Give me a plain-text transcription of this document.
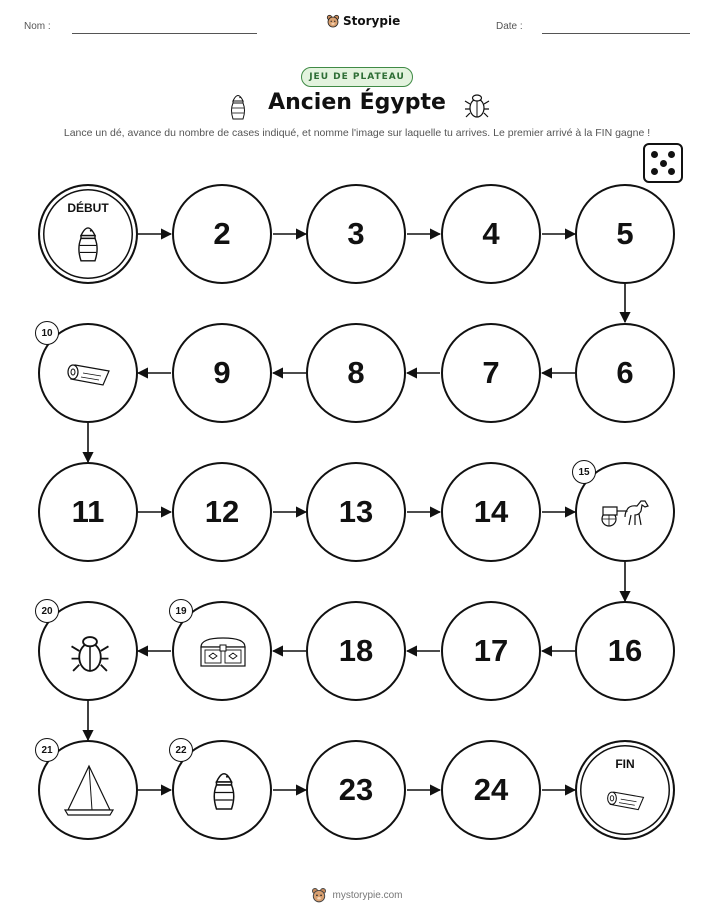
Nom :	Storypie	Date :
JEU DE PLATEAU
Ancien Égypte
Lance un dé, avance du nombre de cases indiqué, et nomme l'image sur laquelle tu arrives. Le premier arrivé à la FIN gagne !
DÉBUT
2	3	4	5
10
9	8	7	6
11	12	13	14
15
20	19
18	17	16
21	22
23	24
FIN
mystorypie.com
